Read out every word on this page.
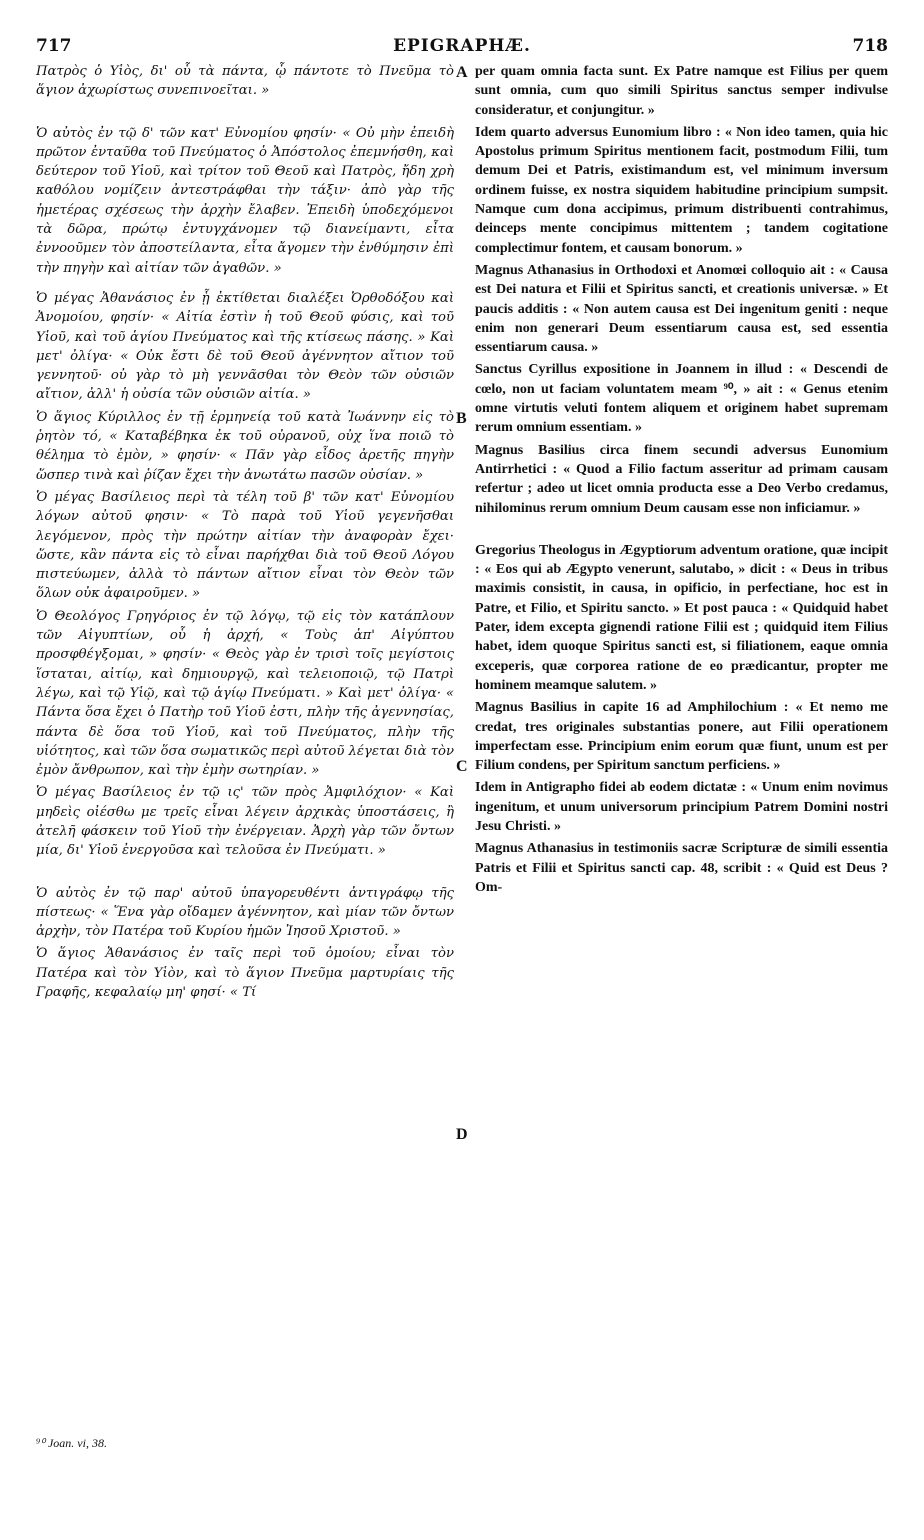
717	EPIGRAPHÆ.	718
A
B
C
D

Πατρὸς ὁ Υἱὸς, δι' οὗ τὰ πάντα, ᾧ πάντοτε τὸ Πνεῦμα τὸ ἅγιον ἀχωρίστως συνεπινοεῖται. »

Ὁ αὐτὸς ἐν τῷ δ' τῶν κατ' Εὐνομίου φησίν· « Οὐ μὴν ἐπειδὴ πρῶτον ἐνταῦθα τοῦ Πνεύματος ὁ Ἀπόστολος ἐπεμνήσθη, καὶ δεύτερον τοῦ Υἱοῦ, καὶ τρίτον τοῦ Θεοῦ καὶ Πατρὸς, ἤδη χρὴ καθόλου νομίζειν ἀντεστράφθαι τὴν τάξιν· ἀπὸ γὰρ τῆς ἡμετέρας σχέσεως τὴν ἀρχὴν ἔλαβεν. Ἐπειδὴ ὑποδεχόμενοι τὰ δῶρα, πρώτῳ ἐντυγχάνομεν τῷ διανείμαντι, εἶτα ἐννοοῦμεν τὸν ἀποστείλαντα, εἶτα ἄγομεν τὴν ἐνθύμησιν ἐπὶ τὴν πηγὴν καὶ αἰτίαν τῶν ἀγαθῶν. »

Ὁ μέγας Ἀθανάσιος ἐν ᾗ ἐκτίθεται διαλέξει Ὀρθοδόξου καὶ Ἀνομοίου, φησίν· « Αἰτία ἐστὶν ἡ τοῦ Θεοῦ φύσις, καὶ τοῦ Υἱοῦ, καὶ τοῦ ἁγίου Πνεύματος καὶ τῆς κτίσεως πάσης. » Καὶ μετ' ὀλίγα· « Οὐκ ἔστι δὲ τοῦ Θεοῦ ἀγέννητον αἴτιον τοῦ γεννητοῦ· οὐ γὰρ τὸ μὴ γεννᾶσθαι τὸν Θεὸν τῶν οὐσιῶν αἴτιον, ἀλλ' ἡ οὐσία τῶν οὐσιῶν αἰτία. »

Ὁ ἅγιος Κύριλλος ἐν τῇ ἑρμηνείᾳ τοῦ κατὰ Ἰωάννην εἰς τὸ ῥητὸν τό, « Καταβέβηκα ἐκ τοῦ οὐρανοῦ, οὐχ ἵνα ποιῶ τὸ θέλημα τὸ ἐμὸν, » φησίν· « Πᾶν γὰρ εἶδος ἀρετῆς πηγὴν ὥσπερ τινὰ καὶ ῥίζαν ἔχει τὴν ἀνωτάτω πασῶν οὐσίαν. »

Ὁ μέγας Βασίλειος περὶ τὰ τέλη τοῦ β' τῶν κατ' Εὐνομίου λόγων αὐτοῦ φησιν· « Τὸ παρὰ τοῦ Υἱοῦ γεγενῆσθαι λεγόμενον, πρὸς τὴν πρώτην αἰτίαν τὴν ἀναφορὰν ἔχει· ὥστε, κἂν πάντα εἰς τὸ εἶναι παρήχθαι διὰ τοῦ Θεοῦ Λόγου πιστεύωμεν, ἀλλὰ τὸ πάντων αἴτιον εἶναι τὸν Θεὸν τῶν ὅλων οὐκ ἀφαιροῦμεν. »

Ὁ Θεολόγος Γρηγόριος ἐν τῷ λόγῳ, τῷ εἰς τὸν κατάπλουν τῶν Αἰγυπτίων, οὗ ἡ ἀρχή, « Τοὺς ἀπ' Αἰγύπτου προσφθέγξομαι, » φησίν· « Θεὸς γὰρ ἐν τρισὶ τοῖς μεγίστοις ἵσταται, αἰτίῳ, καὶ δημιουργῷ, καὶ τελειοποιῷ, τῷ Πατρὶ λέγω, καὶ τῷ Υἱῷ, καὶ τῷ ἁγίῳ Πνεύματι. » Καὶ μετ' ὀλίγα· « Πάντα ὅσα ἔχει ὁ Πατὴρ τοῦ Υἱοῦ ἐστι, πλὴν τῆς ἀγεννησίας, πάντα δὲ ὅσα τοῦ Υἱοῦ, καὶ τοῦ Πνεύματος, πλὴν τῆς υἱότητος, καὶ τῶν ὅσα σωματικῶς περὶ αὐτοῦ λέγεται διὰ τὸν ἐμὸν ἄνθρωπον, καὶ τὴν ἐμὴν σωτηρίαν. »

Ὁ μέγας Βασίλειος ἐν τῷ ις' τῶν πρὸς Ἀμφιλόχιον· « Καὶ μηδεὶς οἰέσθω με τρεῖς εἶναι λέγειν ἀρχικὰς ὑποστάσεις, ἢ ἀτελῆ φάσκειν τοῦ Υἱοῦ τὴν ἐνέργειαν. Ἀρχὴ γὰρ τῶν ὄντων μία, δι' Υἱοῦ ἐνεργοῦσα καὶ τελοῦσα ἐν Πνεύματι. »

Ὁ αὐτὸς ἐν τῷ παρ' αὐτοῦ ὑπαγορευθέντι ἀντιγράφῳ τῆς πίστεως· « Ἕνα γὰρ οἴδαμεν ἀγέννητον, καὶ μίαν τῶν ὄντων ἀρχὴν, τὸν Πατέρα τοῦ Κυρίου ἡμῶν Ἰησοῦ Χριστοῦ. »

Ὁ ἅγιος Ἀθανάσιος ἐν ταῖς περὶ τοῦ ὁμοίου; εἶναι τὸν Πατέρα καὶ τὸν Υἱὸν, καὶ τὸ ἅγιον Πνεῦμα μαρτυρίαις τῆς Γραφῆς, κεφαλαίῳ μη' φησί· « Τί

per quam omnia facta sunt. Ex Patre namque est Filius per quem sunt omnia, cum quo simili Spiritus sanctus semper indivulse consideratur, et conjungitur. »

Idem quarto adversus Eunomium libro : « Non ideo tamen, quia hic Apostolus primum Spiritus mentionem facit, postmodum Filii, tum demum Dei et Patris, existimandum est, vel minimum inversum ordinem fuisse, ex nostra siquidem habitudine principium sumpsit. Namque cum dona accipimus, primum distribuenti contrahimus, deinceps mente concipimus mittentem ; tandem cogitatione complectimur fontem, et causam bonorum. »

Magnus Athanasius in Orthodoxi et Anomœi colloquio ait : « Causa est Dei natura et Filii et Spiritus sancti, et creationis universæ. » Et paucis additis : « Non autem causa est Dei ingenitum geniti : neque enim non generari Deum essentiarum causa est, sed essentia essentiarum causa. »

Sanctus Cyrillus expositione in Joannem in illud : « Descendi de cœlo, non ut faciam voluntatem meam ⁹⁰, » ait : « Genus etenim omne virtutis veluti fontem aliquem et originem habet supremam rerum omnium essentiam. »

Magnus Basilius circa finem secundi adversus Eunomium Antirrhetici : « Quod a Filio factum asseritur ad primam causam refertur ; adeo ut licet omnia producta esse a Deo Verbo credamus, nihilominus rerum omnium Deum causam esse non inficiamur. »

Gregorius Theologus in Ægyptiorum adventum oratione, quæ incipit : « Eos qui ab Ægypto venerunt, salutabo, » dicit : « Deus in tribus maximis consistit, in causa, in opificio, in perfectiane, hoc est in Patre, et Filio, et Spiritu sancto. » Et post pauca : « Quidquid habet Pater, idem excepta gignendi ratione Filii est ; quidquid item Filius habet, idem quoque Spiritus sancti est, si filiationem, eaque omnia exceperis, quæ corporea ratione de eo prædicantur, propter me hominem meamque salutem. »

Magnus Basilius in capite 16 ad Amphilochium : « Et nemo me credat, tres originales substantias ponere, aut Filii operationem imperfectam esse. Principium enim eorum quæ fiunt, unum est per Filium condens, per Spiritum sanctum perficiens. »

Idem in Antigrapho fidei ab eodem dictatæ : « Unum enim novimus ingenitum, et unum universorum principium Patrem Domini nostri Jesu Christi. »

Magnus Athanasius in testimoniis sacræ Scripturæ de simili essentia Patris et Filii et Spiritus sancti cap. 48, scribit : « Quid est Deus ? Om-

⁹⁰ Joan. vi, 38.
